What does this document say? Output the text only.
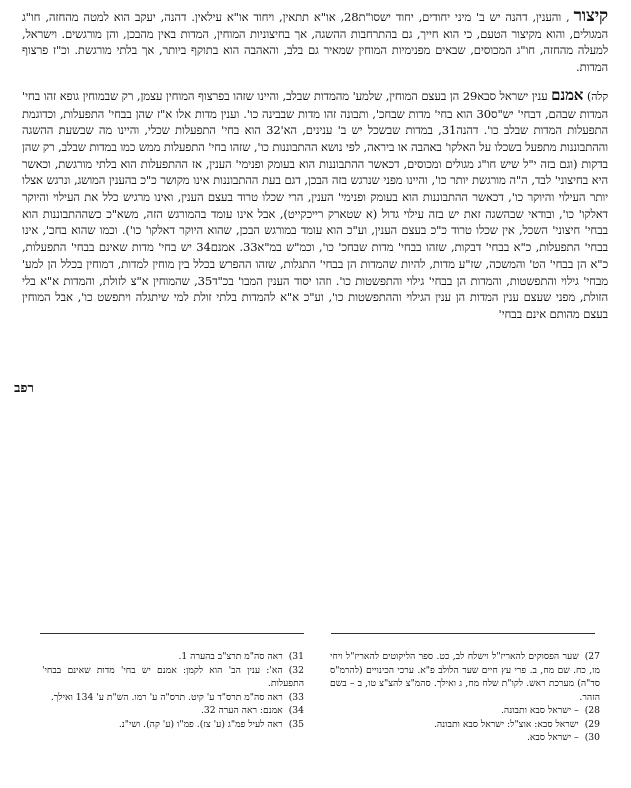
קיצור, והענין, דהנה יש ב' מיני יחודים, יחוד ישסו"ת28, או"א תתאין, ויחוד או"א עילאין. דהנה, יעקב הוא למטה מהחזה, חו"ג המגולים, והוא מקיצור הטעם, כי הוא חייך, גם בהתרחבות ההשגה, אך בחיצוניות המוחין, המדות באין מהבכן, והן מורגשים. וישראל, למעלה מהחזה, חו"ג המכוסים, שבאים מפנימיות המוחין שמאיר גם בלב, והאהבה הוא בתוקף ביותר, אך בלתי מורגשת. וכ"ז פרצוף המדות.

קלה) אמנם ענין ישראל סבא29 הן בעצם המוחין, שלמע' מהמדות שבלב, והיינו שזהו בפרצוף המוחין עצמן, רק שבמוחין גופא זהו בחי' המדות שבהם, דבחי' יש"ס30 הוא בחי' מדות שבחכ', ותבונה זהו מדות שבבינה כו'. וענין מדות אלו א"ז שהן בבחי' התפעלות, וכדוגמת התפעלות המדות שבלב כו'. דהנה31, במדות שבשכל יש ב' ענינים, הא'32 הוא בחי' התפעלות שכלי, והיינו מה שבשעת ההשגה וההתבוננות מתפעל בשכלו על האלקו' באהבה או ביראה, לפי נושא ההתבוננות כו', שזהו בחי' התפעלות ממש כמו במדות שבלב, רק שהן בדקות (וגם בזה י"ל שיש חו"ג מגולים ומכוסים, דכאשר ההתבוננות הוא בעומק ופנימי' הענין, אז ההתפעלות הוא בלתי מורגשת, וכאשר היא בחיצוני' לבד, ה"ה מורגשת יותר כו', והיינו מפני שנרגש בזה הבכן, דגם בעת ההתבוננות אינו מקושר כ"כ בהענין המושג, ונרגש אצלו יותר העילוי והיוקר כו', דכאשר ההתבוננות הוא בעומק ופנימי' הענין, הרי שכלו טרוד בעצם הענין, ואינו מרגיש כלל את העילוי והיוקר דאלקו' כו', ובודאי שבהשגה זאת יש בזה עילוי גדול (א שטארק רייכקייט), אבל אינו עומד בהמורגש הזה, משא"כ כשההתבוננות הוא בבחי' חיצוני' השכל, אין שכלו טרוד כ"כ בעצם הענין, וע"כ הוא עומד במורגש הבכן, שהוא היוקר דאלקו' כו'). וכמו שהוא בחכ', אינו בבחי' התפעלות, כ"א בבחי' דבקות, שזהו בבחי' מדות שבחכ' כו', וכמ"ש במ"א33. אמנם34 יש בחי' מדות שאינם בבחי' התפעלות, כ"א הן בבחי' הט' והמשכה, שז"ע מדות, להיות שהמדות הן בבחי' התגלות, שזהו ההפרש בכלל בין מוחין למדות, דמוחין בכלל הן למע' מבחי' גילוי והתפשטות, והמדות הן בבחי' גילוי והתפשטות כו'. וזהו יסוד הענין המבו' בכ"ד35, שהמוחין א"צ לזולת, והמדות א"א בלי הזולת, מפני שעצם ענין המדות הן ענין הגילוי וההתפשטות כו', וע"כ א"א להמדות בלתי זולת למי שיתגלה ויתפשט כו', אבל המוחין בעצם מהותם אינם בבחי'

רפב

27)שער הפסוקים להאריז"ל וישלח לב, כט. ספר הליקוטים להאריז"ל ויחי מו, כח. שם מח, ב. פרי עץ חיים שער הלולב פ"א. ערכי הכינויים (להרמ"ס סד"ה) מערכת ראש. לקו"ת שלח מח, ג ואילך. סהמ"צ להצ"צ טו, ב – בשם הזהר.

28)– ישראל סבא ותבונה.

29)ישראל סבא: אוצ"ל: ישראל סבא ותבונה.

30)– ישראל סבא.

31)ראה סה"מ תרצ"ב בהערה 1.

32)הא': ענין הב' הוא לקמן: אמנם יש בחי' מדות שאינם בבחי' התפעלות.

33)ראה סה"מ תרס"ד ע' קיט. תרס"ה ע' רמו. הש"ת ע' 134 ואילך.

34)אמנם: ראה הערה 32.

35)ראה לעיל פמ"ג (ע' צז). פמ"ו (ע' קה). ושי"נ.
